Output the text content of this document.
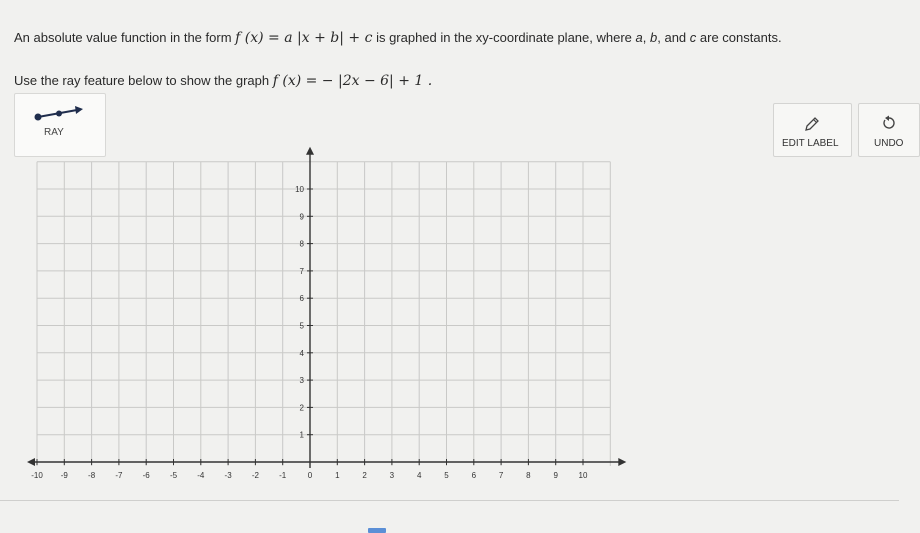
An absolute value function in the form f (x) = a |x + b| + c is graphed in the xy-coordinate plane, where a, b, and c are constants.
Use the ray feature below to show the graph f (x) = − |2x − 6| + 1 .
RAY
EDIT LABEL	UNDO
-10 -9	-8	-7	-6	-5	-4	-3	-2	-1	0	1	2	3	4	5	6	7	8	9	10
1
2
3
4
5
6
7
8
9
10
